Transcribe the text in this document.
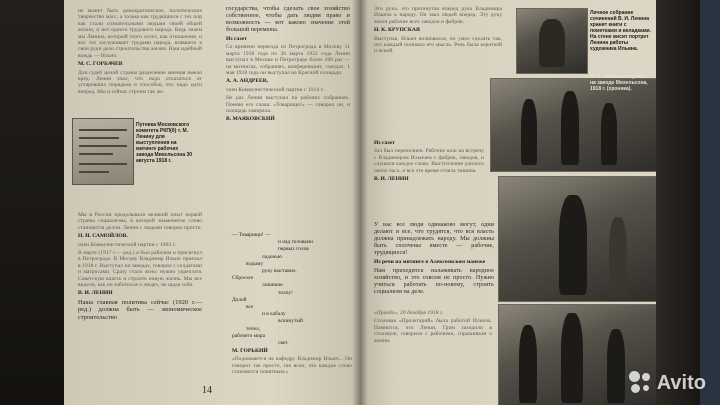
не может быть демократическое, политическое творчество масс, а только как трудящихся с тех пор как стали сознательными людьми своей общей жизни, и нет одного трудового народа. Ведь знаем мы Ленина, который этого хотел, как отношения, и все это заслуживает трудами народа, взявшего в свои руки дело строительства жизни. Наш идейный вождь — Ильич.

М. С. ГОРБАЧЕВ

Для судеб целой страны разделение мнения имело вред. Ленин знал, что надо отказаться от устаревших порядков и способов, что надо идти вперед. Мы и сейчас строим так же.

Путевка Московского комитета РКП(б) т. М. Ленину для выступления на митинге рабочих завода Михельсона 30 августа 1918 г.

Мы в России проделывали великий опыт первой страны социализма, в которой знаменитое слово становится делом. Ленин с людьми говорил просто.

Н. И. САМОЙЛОВ.

член Коммунистической партии с 1903 г.

В марте (1917 г.— ред.) я был рабочим и присягнул в Петрограде. В Москву Владимир Ильич приехал в 1918 г. Выступал на заводах, говорил с солдатами и матросами. Сразу стало ясно: нужно укреплять Советскую власть и строить новую жизнь. Мы все видели, как он заботился о людях, не щадя себя.

В. И. ЛЕНИН

Наша главная политика сейчас (1920 г.— ред.) должна быть — экономическое строительство

14

государства, чтобы сделать свое хозяйство собственное, чтобы дать людям право и возможность — вот каково значение этой большой перемены.

Из газет

Со времени переезда из Петрограда в Москву 11 марта 1918 года по 30 марта 1922 года Ленин выступал в Москве и Петрограде более 200 раз — на митингах, собраниях, конференциях, съездах. 1 мая 1918 года он выступал на Красной площади.

А. А. АНДРЕЕВ,

член Коммунистической партии с 1914 г.

Не раз Ленин выступал на рабочих собраниях. Помню его слова: «Товарищи!» — говорил он, и площадь замирала.

В. МАЯКОВСКИЙ

— Товарищи! —
и над головами
первых голов
ладонью
вздыму
руку выставил.
Сбросьте
лишнюю
толпу!
Долой
все
и в кабалу
вскинутый
тепел,
рабочего мира
свет.

М. ГОРЬКИЙ

«Поднимается на кафедру Владимир Ильич... Он говорит так просто, так ясно, что каждое слово становится понятным.»

Это рука, это протянутая вперед рука Владимира Ильича к народу. Он звал людей вперед. Эту руку знали рабочие всех заводов и фабрик.

Н. К. КРУПСКАЯ

Выступая, Ильич волновался, но умел сделать так, что каждый понимал его мысль. Речь была короткой и ясной.

Личное собрание сочинений В. И. Ленина хранит книги с пометками и вкладками. На стене висит портрет Ленина работы художника Ильина.
В. И. Ленин выступает на заводе Михельсона, 1918 г. (хроника).

Из газет

Зал был переполнен. Рабочие шли на встречу с Владимиром Ильичем с фабрик, заводов, и слушали каждое слово. Выступление длилось около часа, и все это время стояла тишина.

В. И. ЛЕНИН

У нас все люди одинаково могут, одни делают и все, что трудятся, что вся власть должна принадлежать народу. Мы должны быть сплочены вместе — рабочие, трудящиеся!

Из речи на митинге в Алексеевском манеже

Нам приходится налаживать народное хозяйство, и это совсем не просто. Нужно учиться работать по-новому, строить социализм на деле.

«Правда», 20 декабря 1918 г.

Столовая «Пролетарий» была работой Ильича. Помнится, что Ленин, Грим заходили в столовую, говорили с рабочими, спрашивали о жизни.

Avito
